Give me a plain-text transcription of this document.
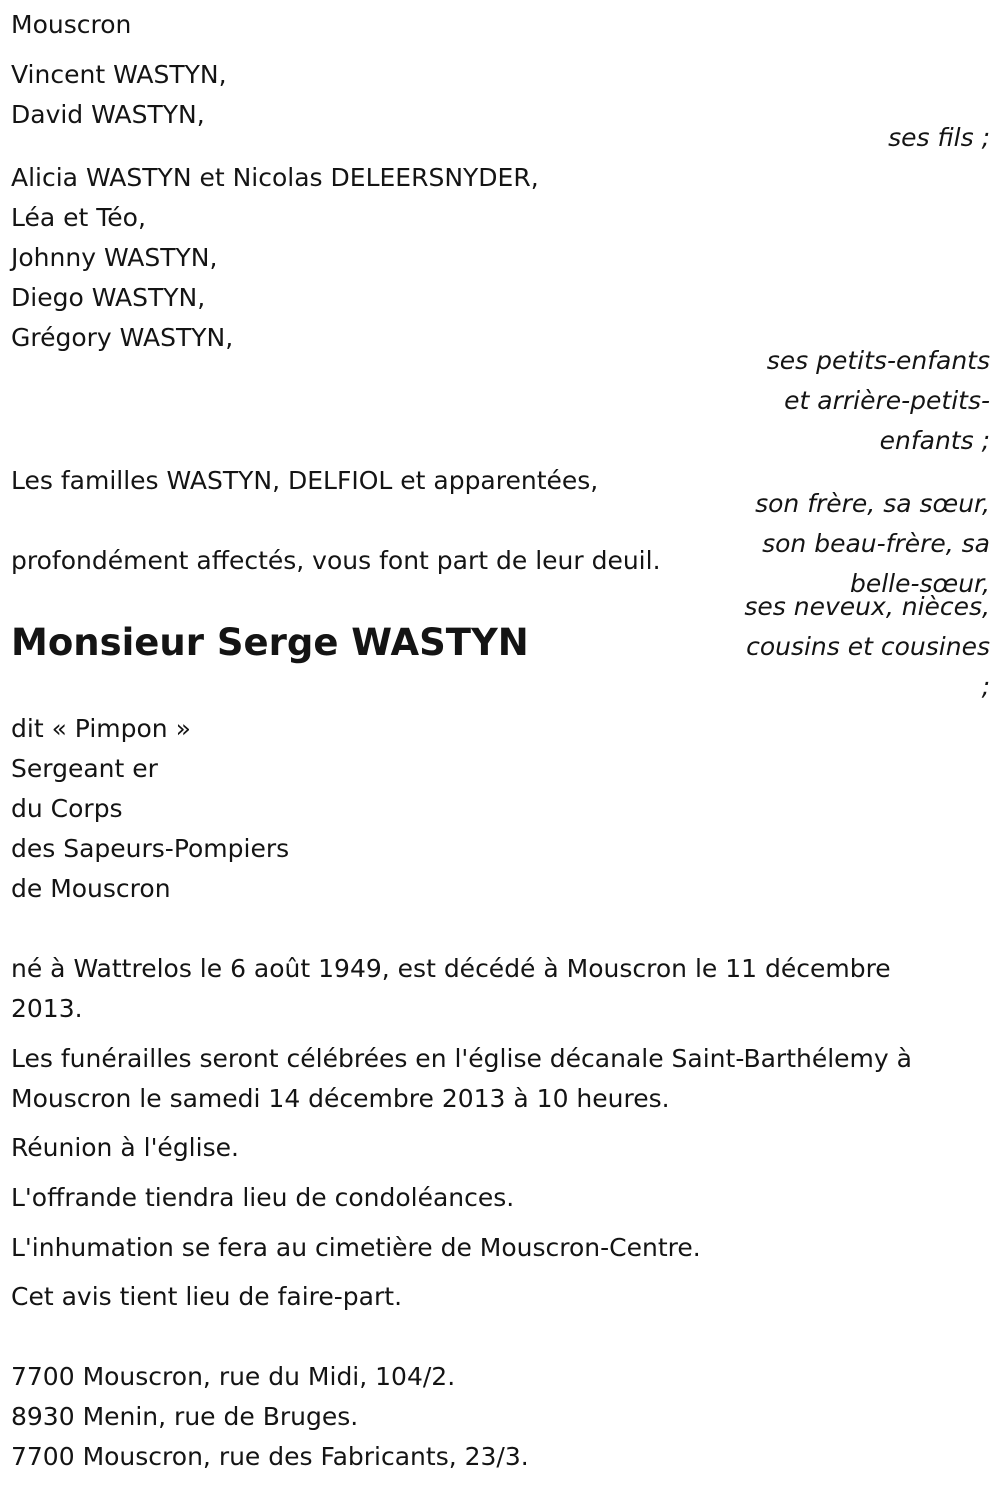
Mouscron
Vincent WASTYN,
David WASTYN,
ses fils ;
Alicia WASTYN et Nicolas DELEERSNYDER,
Léa et Téo,
Johnny WASTYN,
Diego WASTYN,
Grégory WASTYN,
ses petits-enfants
et arrière-petits-
enfants ;
Les familles WASTYN, DELFIOL et apparentées,
son frère, sa sœur,
son beau-frère, sa
belle-sœur,
ses neveux, nièces,
cousins et cousines
;
profondément affectés, vous font part de leur deuil.
Monsieur Serge WASTYN
dit « Pimpon »
Sergeant er
du Corps
des Sapeurs-Pompiers
de Mouscron
né à Wattrelos le 6 août 1949, est décédé à Mouscron le 11 décembre
2013.
Les funérailles seront célébrées en l'église décanale Saint-Barthélemy à
Mouscron le samedi 14 décembre 2013 à 10 heures.
Réunion à l'église.
L'offrande tiendra lieu de condoléances.
L'inhumation se fera au cimetière de Mouscron-Centre.
Cet avis tient lieu de faire-part.
7700 Mouscron, rue du Midi, 104/2.
8930 Menin, rue de Bruges.
7700 Mouscron, rue des Fabricants, 23/3.
